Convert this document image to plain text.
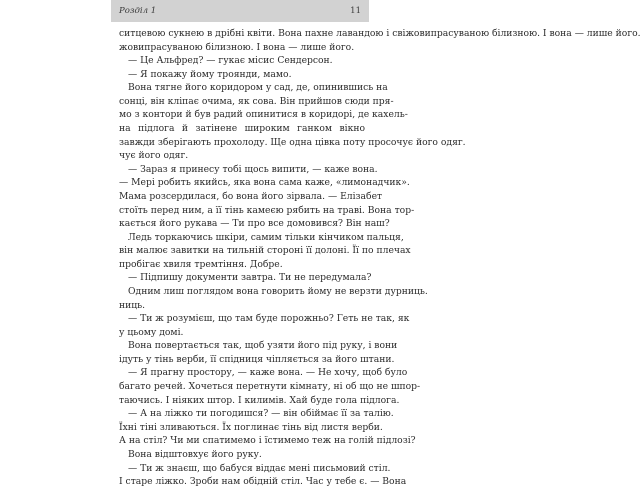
Розділ 1	11
ситцевою сукнею в дрібні квіти. Вона пахне лавандою і свіжовипрасуваною білизною. І вона — лише його.
жовипрасуваною білизною. І вона — лише його.
— Це Альфред? — гукає місис Сендерсон.
— Я покажу йому троянди, мамо.
Вона тягне його коридором у сад, де, опинившись на
сонці, він кліпає очима, як сова. Він прийшов сюди пря-
мо з контори й був радий опинитися в коридорі, де кахель-
на підлога й затінене широким ганком вікно
завжди зберігають прохолоду. Ще одна цівка поту просочує його одяг.
чує його одяг.
— Зараз я принесу тобі щось випити, — каже вона.
— Мері робить якийсь, яка вона сама каже, «лимонадчик».
Мама розсердилася, бо вона його зірвала. — Елізабет
стоїть перед ним, а її тінь камеєю рябить на траві. Вона тор-
кається його рукава — Ти про все домовився? Він наш?
Ледь торкаючись шкіри, самим тільки кінчиком пальця,
він малює завитки на тильній стороні її долоні. Її по плечах
пробігає хвиля тремтіння. Добре.
— Підпишу документи завтра. Ти не передумала?
Одним лиш поглядом вона говорить йому не верзти дурниць.
ниць.
— Ти ж розумієш, що там буде порожньо? Геть не так, як
у цьому домі.
Вона повертається так, щоб узяти його під руку, і вони
ідуть у тінь верби, її спідниця чіпляється за його штани.
— Я прагну простору, — каже вона. — Не хочу, щоб було
багато речей. Хочеться перетнути кімнату, ні об що не шпор-
таючись. І ніяких штор. І килимів. Хай буде гола підлога.
— А на ліжко ти погодишся? — він обіймає її за талію.
Їхні тіні зливаються. Їх поглинає тінь від листя верби.
А на стіл? Чи ми спатимемо і їстимемо теж на голій підлозі?
Вона відштовхує його руку.
— Ти ж знаєш, що бабуся віддає мені письмовий стіл.
І старе ліжко. Зроби нам обідній стіл. Час у тебе є. — Вона
